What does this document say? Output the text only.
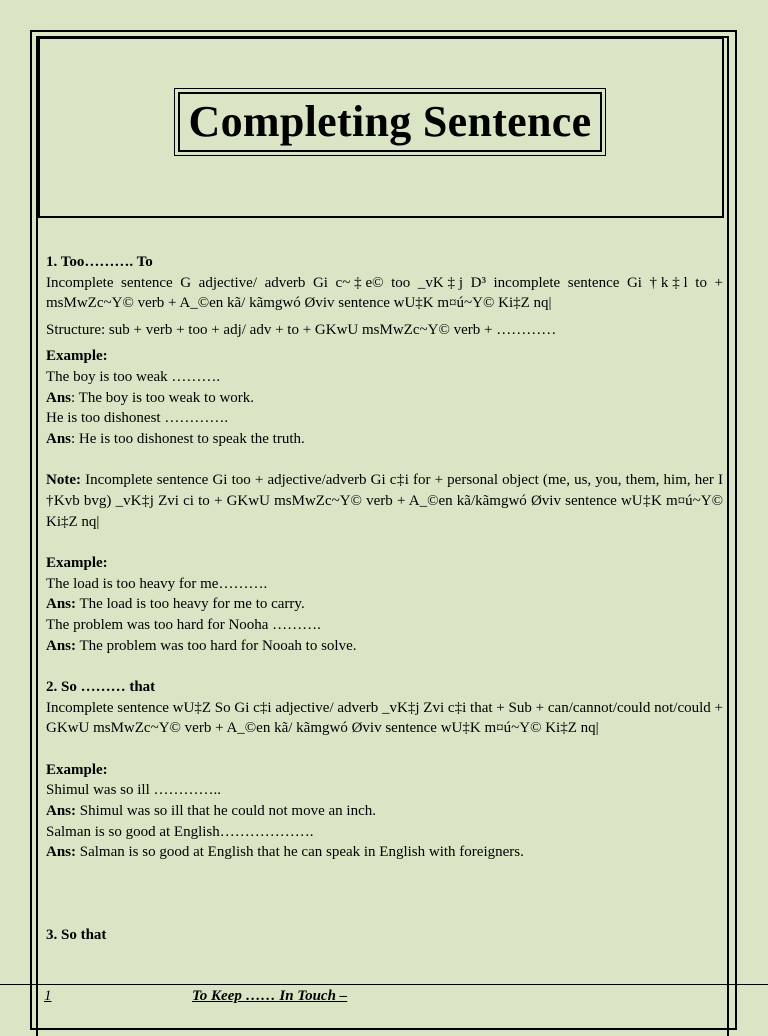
Completing Sentence

1. Too………. To

Incomplete sentence G adjective/ adverb Gi c~‡e© too _vK‡j D³ incomplete sentence Gi †k‡l to + msMwZc~Y© verb + A_©en kã/ kãmgwó Øviv sentence wU‡K m¤ú~Y© Ki‡Z nq|

Structure: sub + verb + too + adj/ adv + to + GKwU msMwZc~Y© verb + …………

Example:

The boy is too weak ……….

Ans: The boy is too weak to work.

He is too dishonest ………….

Ans: He is too dishonest to speak the truth.

Note: Incomplete sentence Gi too + adjective/adverb Gi c‡i for + personal object (me, us, you, them, him, her I †Kvb bvg) _vK‡j Zvi ci to + GKwU msMwZc~Y© verb + A_©en kã/kãmgwó Øviv sentence wU‡K m¤ú~Y© Ki‡Z nq|

Example:

The load is too heavy for me……….

Ans: The load is too heavy for me to carry.

The problem was too hard for Nooha ……….

Ans: The problem was too hard for Nooah to solve.

2. So ……… that

Incomplete sentence wU‡Z So Gi c‡i adjective/ adverb _vK‡j Zvi c‡i that + Sub + can/cannot/could not/could + GKwU msMwZc~Y© verb + A_©en kã/ kãmgwó Øviv sentence wU‡K m¤ú~Y© Ki‡Z nq|

Example:

Shimul was so ill …………..

Ans: Shimul was so ill that he could not move an inch.

Salman is so good at English……………….

Ans: Salman is so good at English that he can speak in English with foreigners.

3. So that

1	To Keep …… In Touch –
